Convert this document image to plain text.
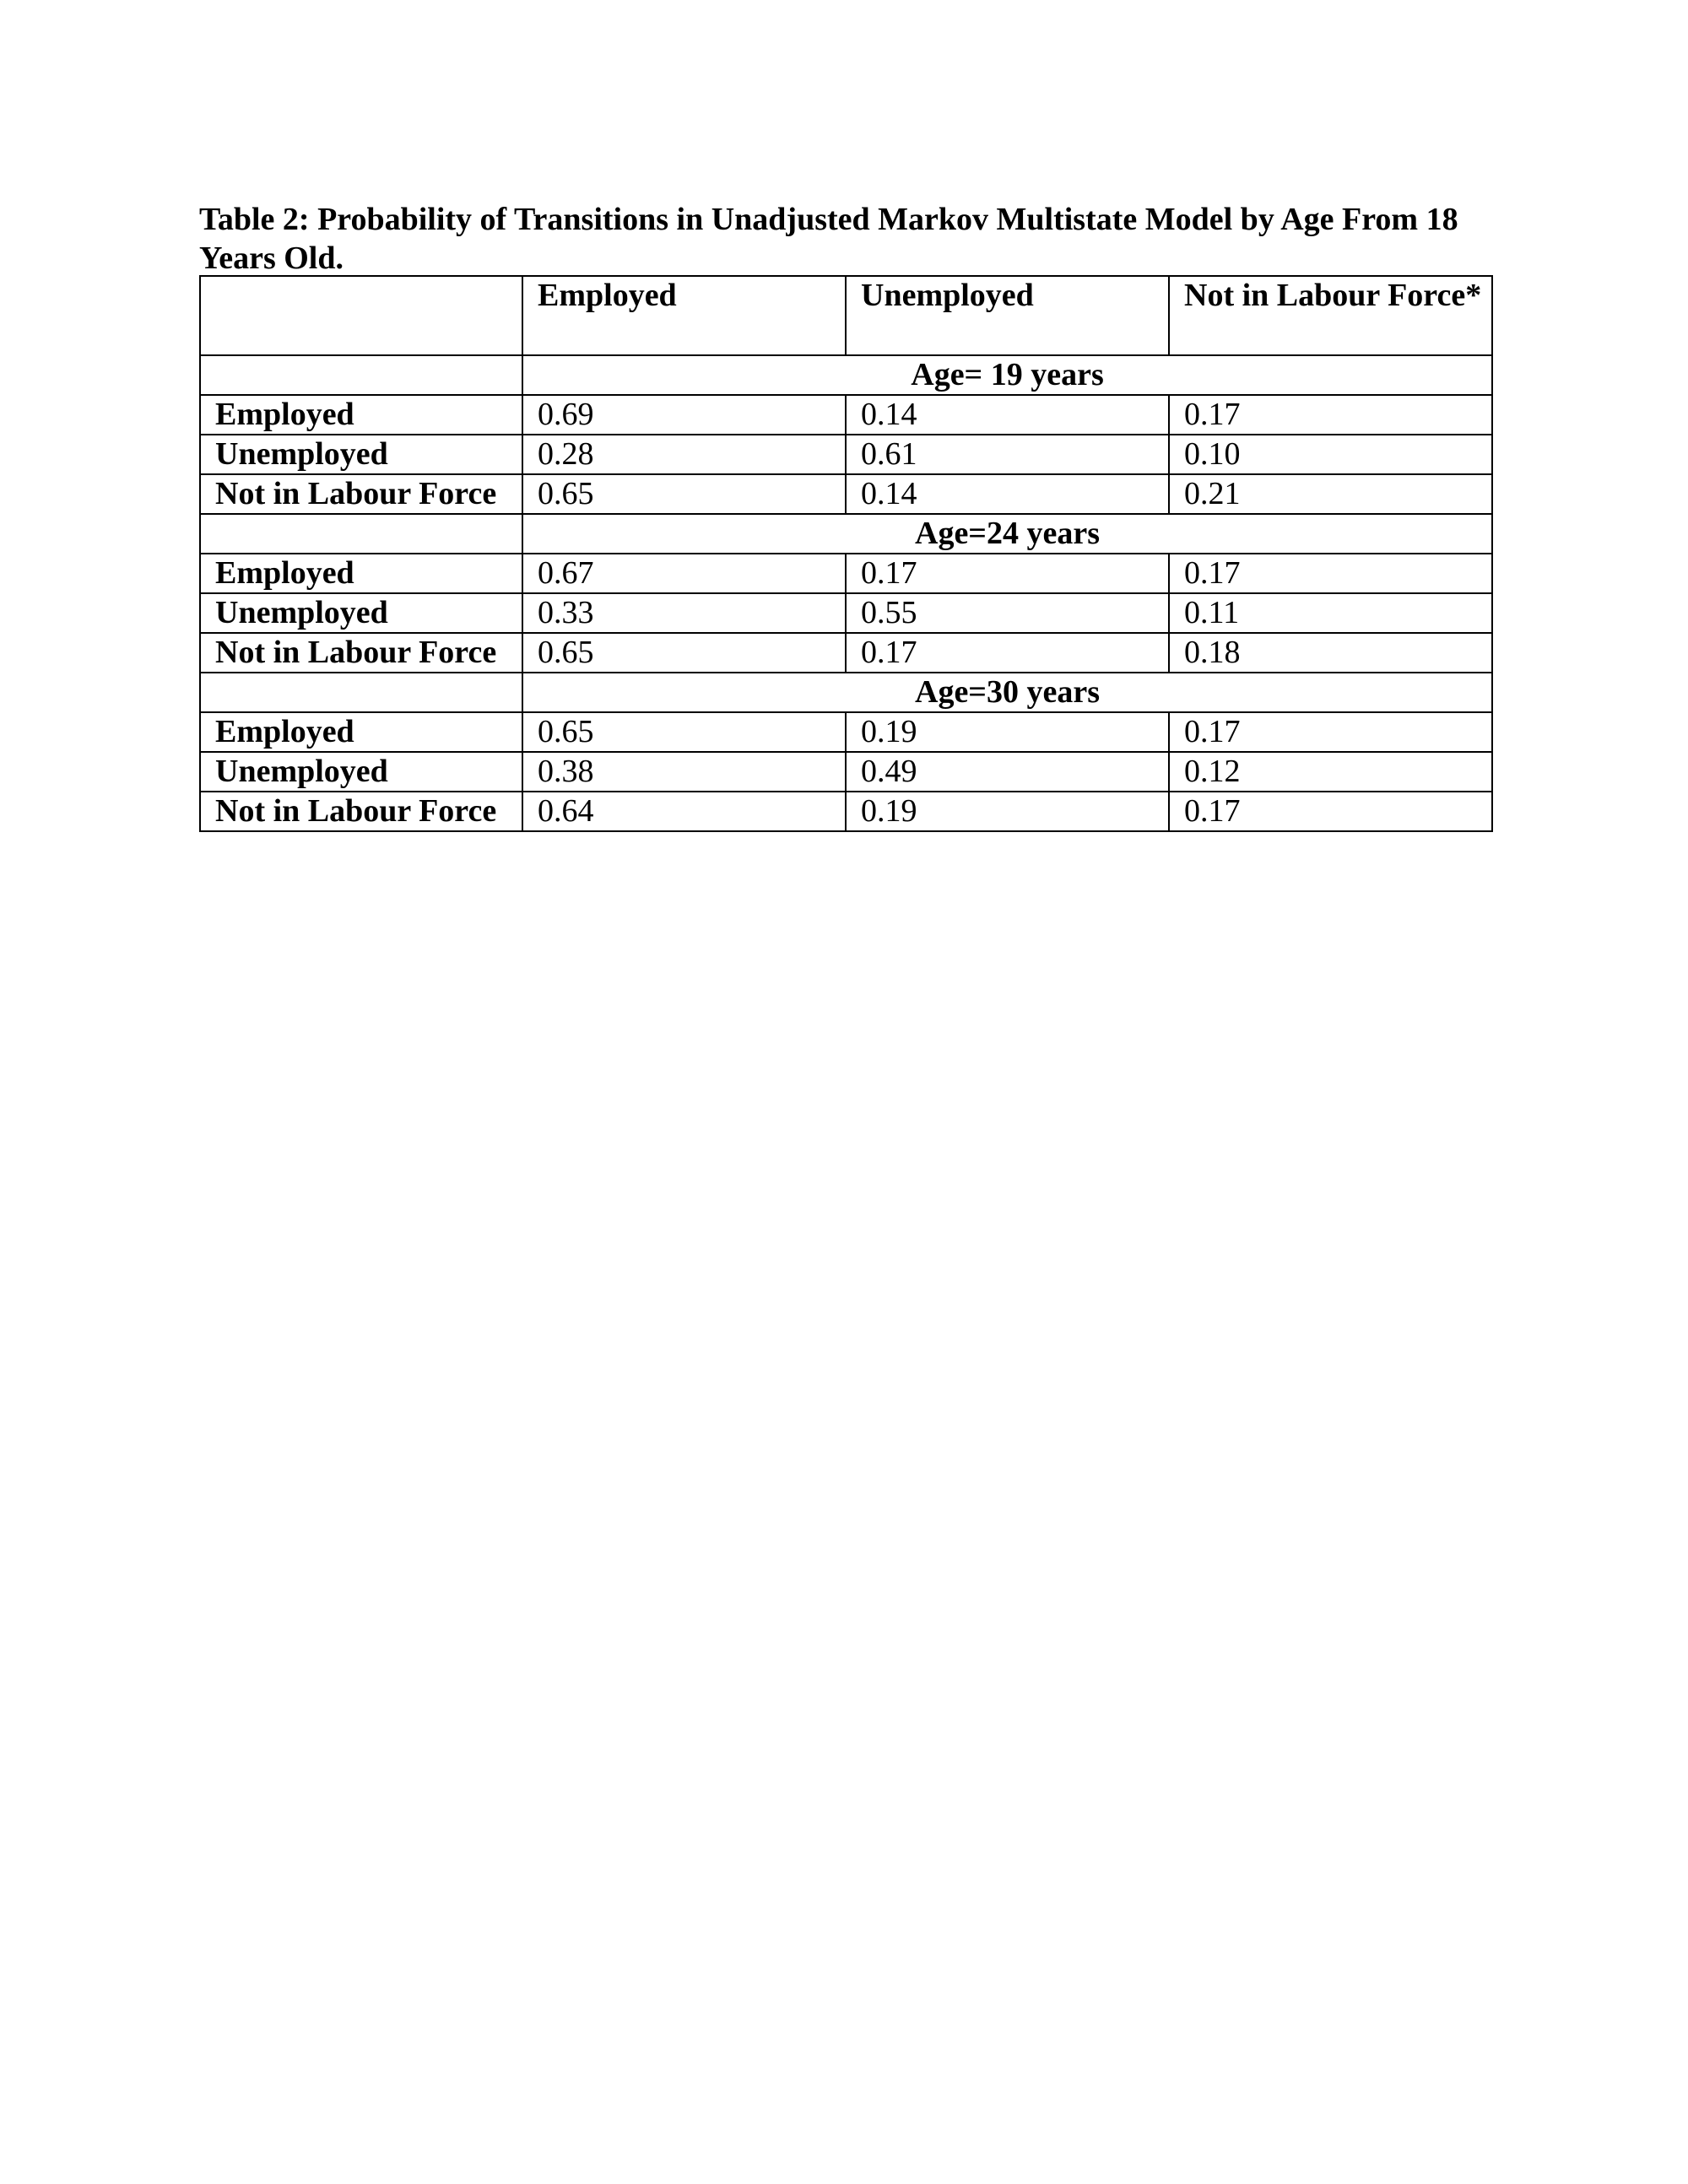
Table 2: Probability of Transitions in Unadjusted Markov Multistate Model by Age From 18 Years Old.

	Employed	Unemployed	Not in Labour Force*
	Age= 19 years		
Employed	0.69	0.14	0.17
Unemployed	0.28	0.61	0.10
Not in Labour Force	0.65	0.14	0.21
	Age=24 years		
Employed	0.67	0.17	0.17
Unemployed	0.33	0.55	0.11
Not in Labour Force	0.65	0.17	0.18
	Age=30 years		
Employed	0.65	0.19	0.17
Unemployed	0.38	0.49	0.12
Not in Labour Force	0.64	0.19	0.17
